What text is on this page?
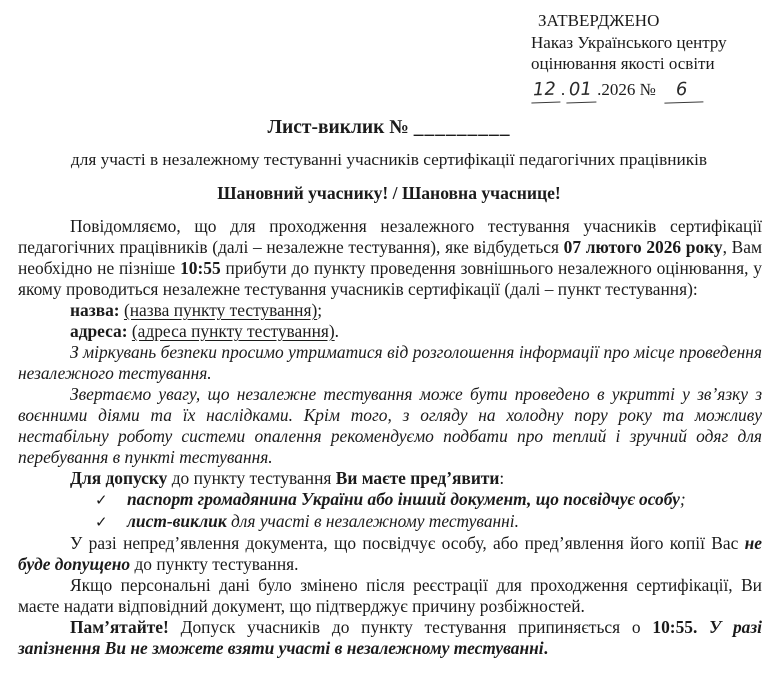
ЗАТВЕРДЖЕНО
Наказ Українського центру
оцінювання якості освіти
12 . 01 .2026 № 6
Лист-виклик № _________
для участі в незалежному тестуванні учасників сертифікації педагогічних працівників
Шановний учаснику! / Шановна учаснице!

Повідомляємо, що для проходження незалежного тестування учасників сертифікації педагогічних працівників (далі – незалежне тестування), яке відбудеться 07 лютого 2026 року, Вам необхідно не пізніше 10:55 прибути до пункту проведення зовнішнього незалежного оцінювання, у якому проводиться незалежне тестування учасників сертифікації (далі – пункт тестування):

назва: (назва пункту тестування);

адреса: (адреса пункту тестування).

З міркувань безпеки просимо утриматися від розголошення інформації про місце проведення незалежного тестування.

Звертаємо увагу, що незалежне тестування може бути проведено в укритті у зв’язку з воєнними діями та їх наслідками. Крім того, з огляду на холодну пору року та можливу нестабільну роботу системи опалення рекомендуємо подбати про теплий і зручний одяг для перебування в пункті тестування.

Для допуску до пункту тестування Ви маєте пред’явити:

✓ паспорт громадянина України або інший документ, що посвідчує особу;
✓ лист-виклик для участі в незалежному тестуванні.

У разі непред’явлення документа, що посвідчує особу, або пред’явлення його копії Вас не буде допущено до пункту тестування.

Якщо персональні дані було змінено після реєстрації для проходження сертифікації, Ви маєте надати відповідний документ, що підтверджує причину розбіжностей.

Пам’ятайте! Допуск учасників до пункту тестування припиняється о 10:55. У разі запізнення Ви не зможете взяти участі в незалежному тестуванні.
